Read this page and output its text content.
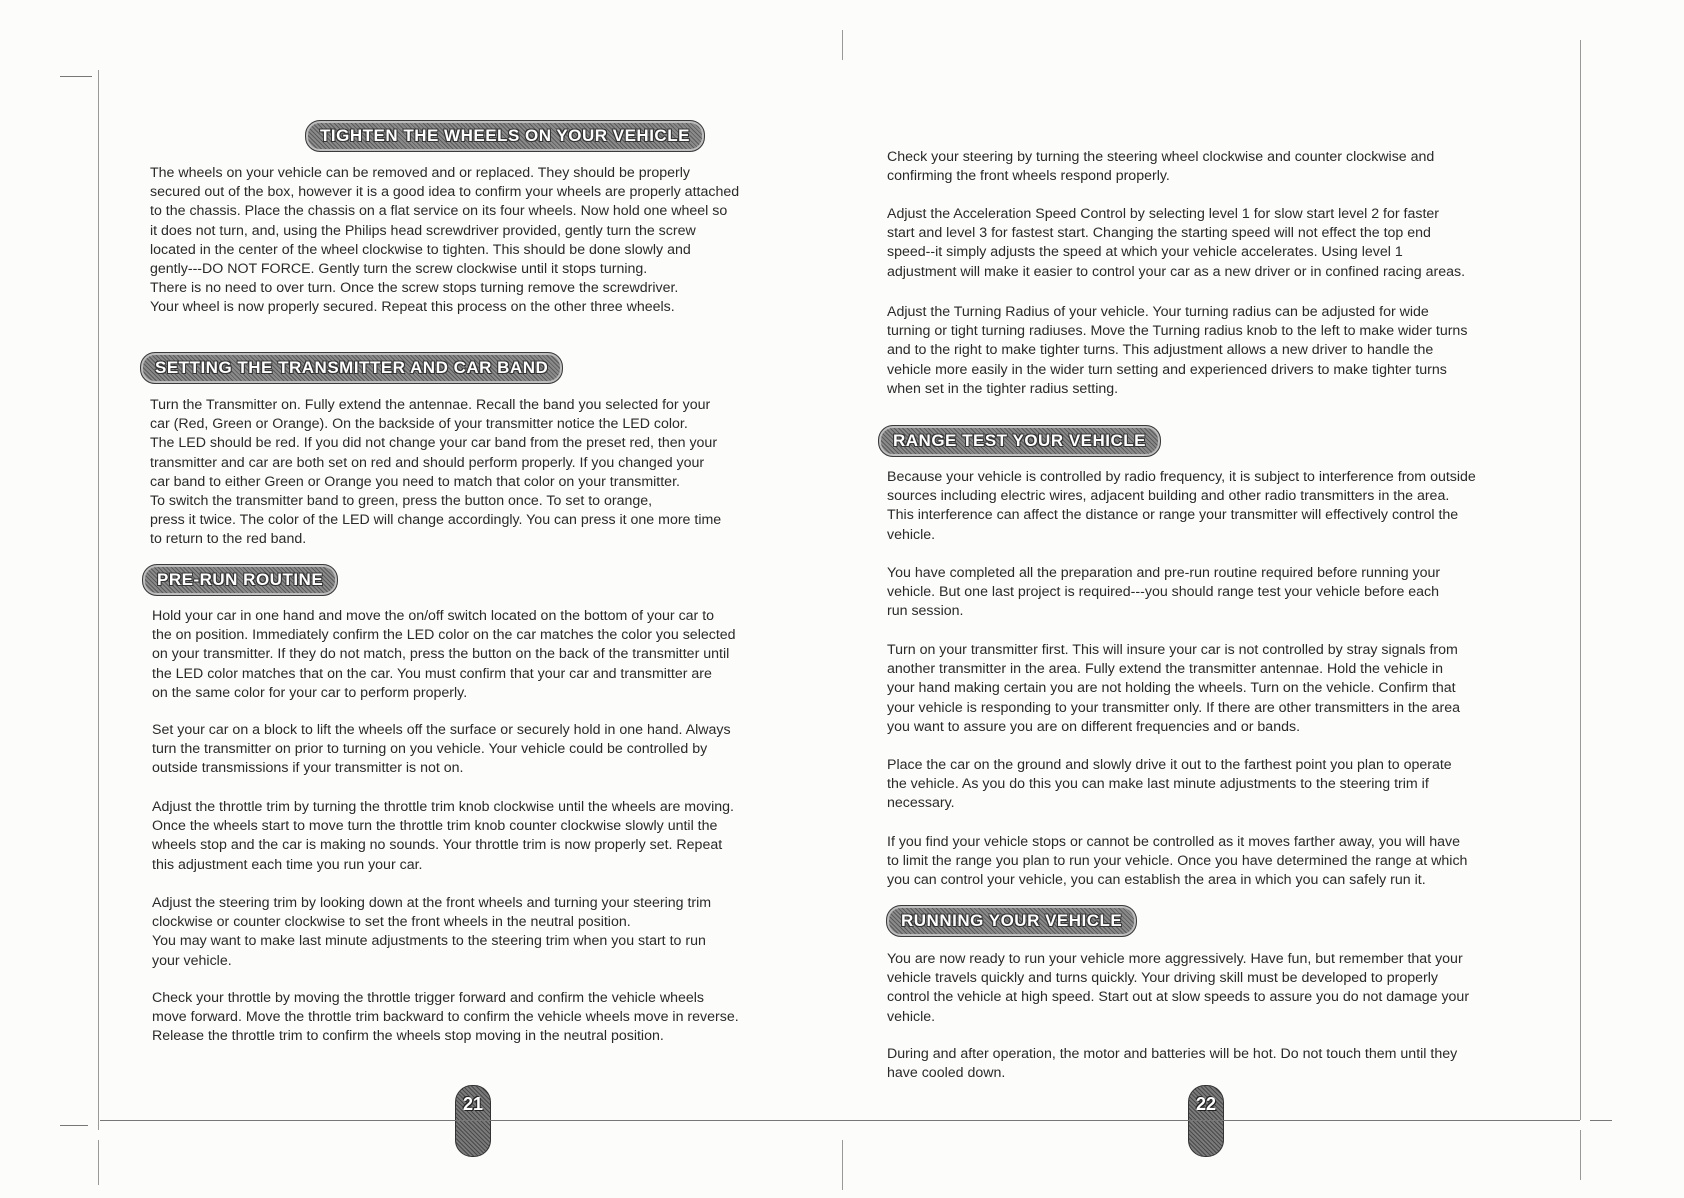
TIGHTEN THE WHEELS ON YOUR VEHICLE

The wheels on your vehicle can be removed and or replaced. They should be properly
secured out of the box, however it is a good idea to confirm your wheels are properly attached
to the chassis. Place the chassis on a flat service on its four wheels. Now hold one wheel so
it does not turn, and, using the Philips head screwdriver provided, gently turn the screw
located in the center of the wheel clockwise to tighten. This should be done slowly and
gently---DO NOT FORCE. Gently turn the screw clockwise until it stops turning.
There is no need to over turn. Once the screw stops turning remove the screwdriver.
Your wheel is now properly secured. Repeat this process on the other three wheels.

SETTING THE TRANSMITTER AND CAR BAND

Turn the Transmitter on. Fully extend the antennae. Recall the band you selected for your
car (Red, Green or Orange). On the backside of your transmitter notice the LED color.
The LED should be red. If you did not change your car band from the preset red, then your
transmitter and car are both set on red and should perform properly. If you changed your
car band to either Green or Orange you need to match that color on your transmitter.
To switch the transmitter band to green, press the button once. To set to orange,
press it twice. The color of the LED will change accordingly. You can press it one more time
to return to the red band.

PRE-RUN ROUTINE

Hold your car in one hand and move the on/off switch located on the bottom of your car to
the on position. Immediately confirm the LED color on the car matches the color you selected
on your transmitter. If they do not match, press the button on the back of the transmitter until
the LED color matches that on the car. You must confirm that your car and transmitter are
on the same color for your car to perform properly.

Set your car on a block to lift the wheels off the surface or securely hold in one hand. Always
turn the transmitter on prior to turning on you vehicle. Your vehicle could be controlled by
outside transmissions if your transmitter is not on.

Adjust the throttle trim by turning the throttle trim knob clockwise until the wheels are moving.
Once the wheels start to move turn the throttle trim knob counter clockwise slowly until the
wheels stop and the car is making no sounds. Your throttle trim is now properly set. Repeat
this adjustment each time you run your car.

Adjust the steering trim by looking down at the front wheels and turning your steering trim
clockwise or counter clockwise to set the front wheels in the neutral position.
You may want to make last minute adjustments to the steering trim when you start to run
your vehicle.

Check your throttle by moving the throttle trigger forward and confirm the vehicle wheels
move forward. Move the throttle trim backward to confirm the vehicle wheels move in reverse.
Release the throttle trim to confirm the wheels stop moving in the neutral position.

21

Check your steering by turning the steering wheel clockwise and counter clockwise and
confirming the front wheels respond properly.

Adjust the Acceleration Speed Control by selecting level 1 for slow start level 2 for faster
start and level 3 for fastest start. Changing the starting speed will not effect the top end
speed--it simply adjusts the speed at which your vehicle accelerates. Using level 1
adjustment will make it easier to control your car as a new driver or in confined racing areas.

Adjust the Turning Radius of your vehicle. Your turning radius can be adjusted for wide
turning or tight turning radiuses. Move the Turning radius knob to the left to make wider turns
and to the right to make tighter turns. This adjustment allows a new driver to handle the
vehicle more easily in the wider turn setting and experienced drivers to make tighter turns
when set in the tighter radius setting.

RANGE TEST YOUR VEHICLE

Because your vehicle is controlled by radio frequency, it is subject to interference from outside
sources including electric wires, adjacent building and other radio transmitters in the area.
This interference can affect the distance or range your transmitter will effectively control the
vehicle.

You have completed all the preparation and pre-run routine required before running your
vehicle. But one last project is required---you should range test your vehicle before each
run session.

Turn on your transmitter first. This will insure your car is not controlled by stray signals from
another transmitter in the area. Fully extend the transmitter antennae. Hold the vehicle in
your hand making certain you are not holding the wheels. Turn on the vehicle. Confirm that
your vehicle is responding to your transmitter only. If there are other transmitters in the area
you want to assure you are on different frequencies and or bands.

Place the car on the ground and slowly drive it out to the farthest point you plan to operate
the vehicle. As you do this you can make last minute adjustments to the steering trim if
necessary.

If you find your vehicle stops or cannot be controlled as it moves farther away, you will have
to limit the range you plan to run your vehicle. Once you have determined the range at which
you can control your vehicle, you can establish the area in which you can safely run it.

RUNNING YOUR VEHICLE

You are now ready to run your vehicle more aggressively. Have fun, but remember that your
vehicle travels quickly and turns quickly. Your driving skill must be developed to properly
control the vehicle at high speed. Start out at slow speeds to assure you do not damage your
vehicle.

During and after operation, the motor and batteries will be hot. Do not touch them until they
have cooled down.

22
